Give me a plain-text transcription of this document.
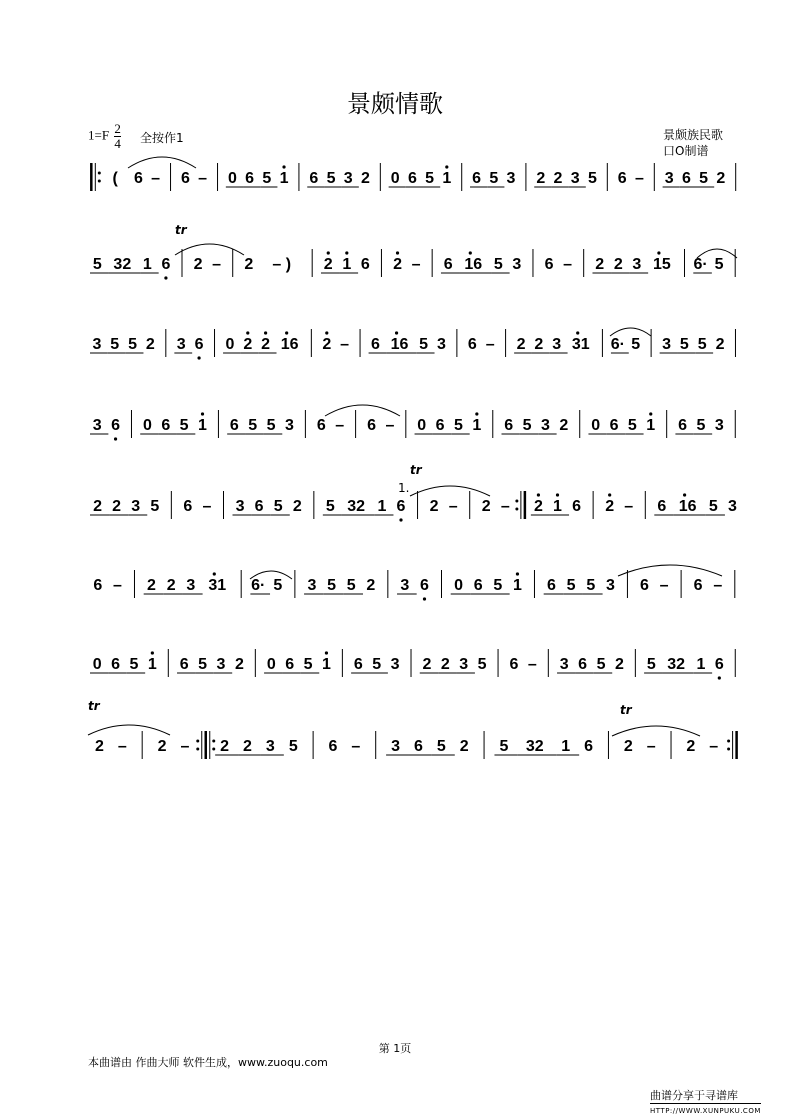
景颇情歌
$1=F \frac{2}{4}$ 全按作1	景颇族民歌
口O制谱
( 6 – 6 – 0 6 5 1 6 5 3 2 0 6 5 1 6 5 3 2 2 3 5 6 – 3 6 5 2
5 32 1 6 2 – 2 – ) 2 1 6 2 – 6 16 5 3 6 – 2 2 3 15 6· 5
3 5 5 2 3 6 0 2 2 16 2 – 6 16 5 3 6 – 2 2 3 31 6· 5 3 5 5 2
3 6 0 6 5 1 6 5 5 3 6 – 6 – 0 6 5 1 6 5 3 2 0 6 5 1 6 5 3
2 2 3 5 6 – 3 6 5 2 5 32 1 6 2 – 2 – 2 1 6 2 – 6 16 5 3
6 – 2 2 3 31 6· 5 3 5 5 2 3 6 0 6 5 1 6 5 5 3 6 – 6 –
0 6 5 1 6 5 3 2 0 6 5 1 6 5 3 2 2 3 5 6 – 3 6 5 2 5 32 1 6
2 – 2 – 2 2 3 5 6 – 3 6 5 2 5 32 1 6 2 – 2 –
tr
tr
1.
tr	tr
第 1页
本曲谱由 作曲大师 软件生成，www.zuoqu.com
曲谱分享于寻谱库
HTTP://WWW.XUNPUKU.COM
